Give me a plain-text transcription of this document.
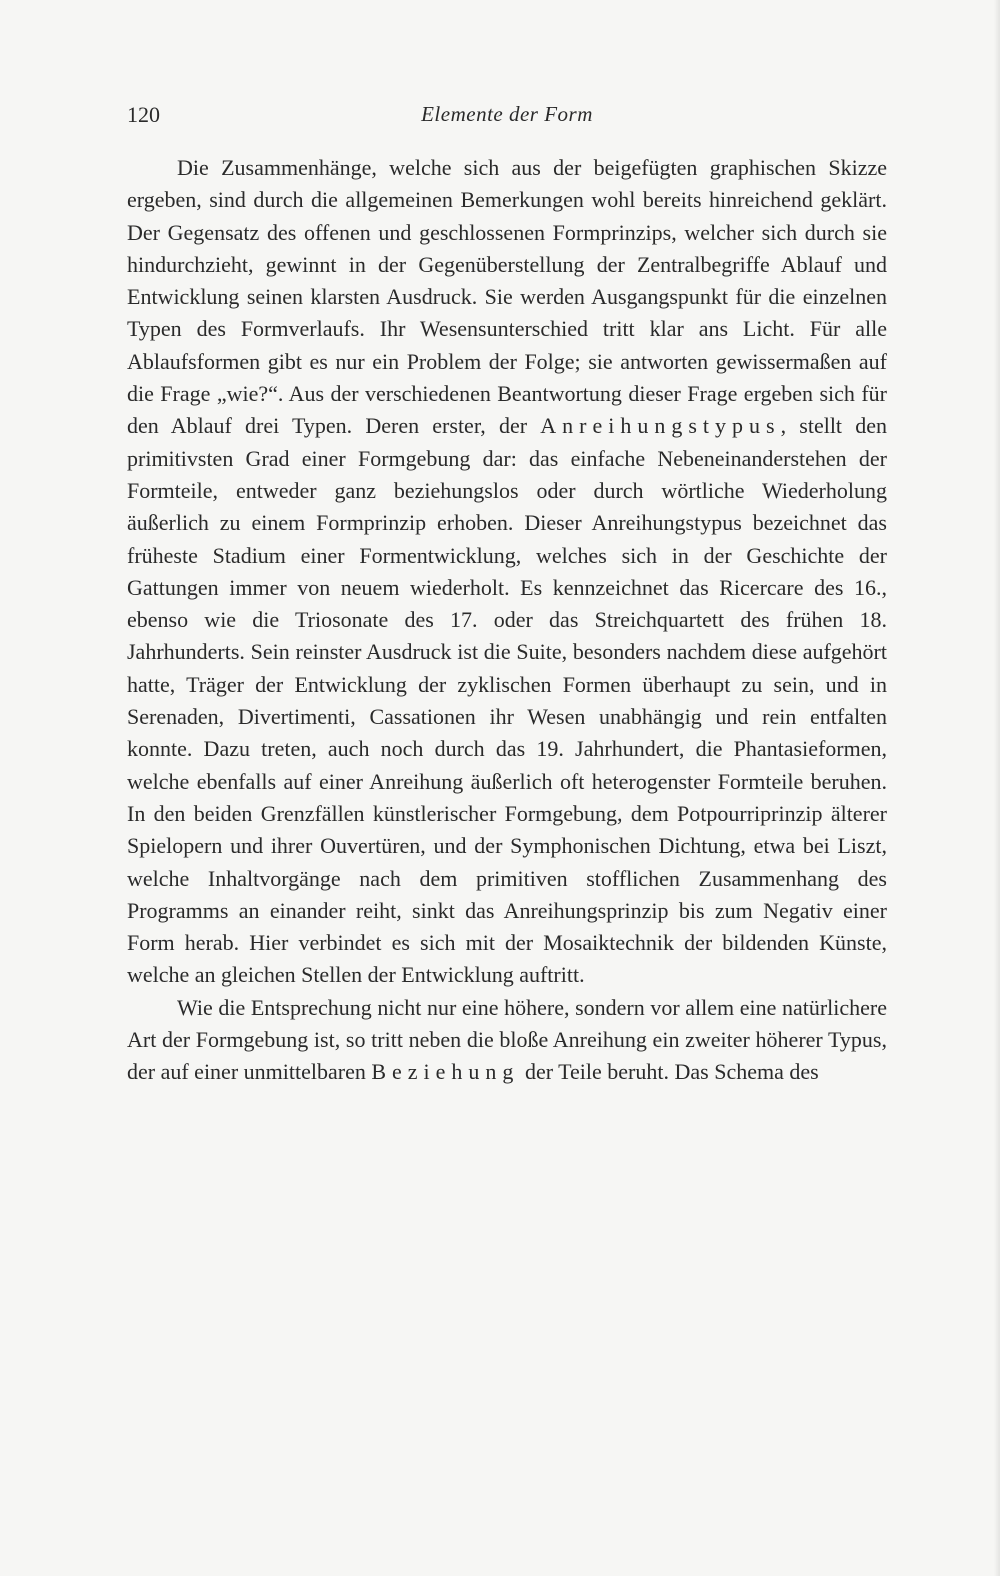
120	Elemente der Form

Die Zusammenhänge, welche sich aus der beigefügten graphischen Skizze ergeben, sind durch die allgemeinen Bemerkungen wohl bereits hinreichend geklärt. Der Gegensatz des offenen und geschlossenen Formprinzips, welcher sich durch sie hindurchzieht, gewinnt in der Gegenüberstellung der Zentralbegriffe Ablauf und Entwicklung seinen klarsten Ausdruck. Sie werden Ausgangspunkt für die einzelnen Typen des Formverlaufs. Ihr Wesensunterschied tritt klar ans Licht. Für alle Ablaufsformen gibt es nur ein Problem der Folge; sie antworten gewissermaßen auf die Frage „wie?“. Aus der verschiedenen Beantwortung dieser Frage ergeben sich für den Ablauf drei Typen. Deren erster, der Anreihungstypus, stellt den primitivsten Grad einer Formgebung dar: das einfache Nebeneinanderstehen der Formteile, entweder ganz beziehungslos oder durch wörtliche Wiederholung äußerlich zu einem Formprinzip erhoben. Dieser Anreihungstypus bezeichnet das früheste Stadium einer Formentwicklung, welches sich in der Geschichte der Gattungen immer von neuem wiederholt. Es kennzeichnet das Ricercare des 16., ebenso wie die Triosonate des 17. oder das Streichquartett des frühen 18. Jahrhunderts. Sein reinster Ausdruck ist die Suite, besonders nachdem diese aufgehört hatte, Träger der Entwicklung der zyklischen Formen überhaupt zu sein, und in Serenaden, Divertimenti, Cassationen ihr Wesen unabhängig und rein entfalten konnte. Dazu treten, auch noch durch das 19. Jahrhundert, die Phantasieformen, welche ebenfalls auf einer Anreihung äußerlich oft heterogenster Formteile beruhen. In den beiden Grenzfällen künstlerischer Formgebung, dem Potpourriprinzip älterer Spielopern und ihrer Ouvertüren, und der Symphonischen Dichtung, etwa bei Liszt, welche Inhaltvorgänge nach dem primitiven stofflichen Zusammenhang des Programms an einander reiht, sinkt das Anreihungsprinzip bis zum Negativ einer Form herab. Hier verbindet es sich mit der Mosaiktechnik der bildenden Künste, welche an gleichen Stellen der Entwicklung auftritt.

Wie die Entsprechung nicht nur eine höhere, sondern vor allem eine natürlichere Art der Formgebung ist, so tritt neben die bloße Anreihung ein zweiter höherer Typus, der auf einer unmittelbaren Beziehung der Teile beruht. Das Schema des
